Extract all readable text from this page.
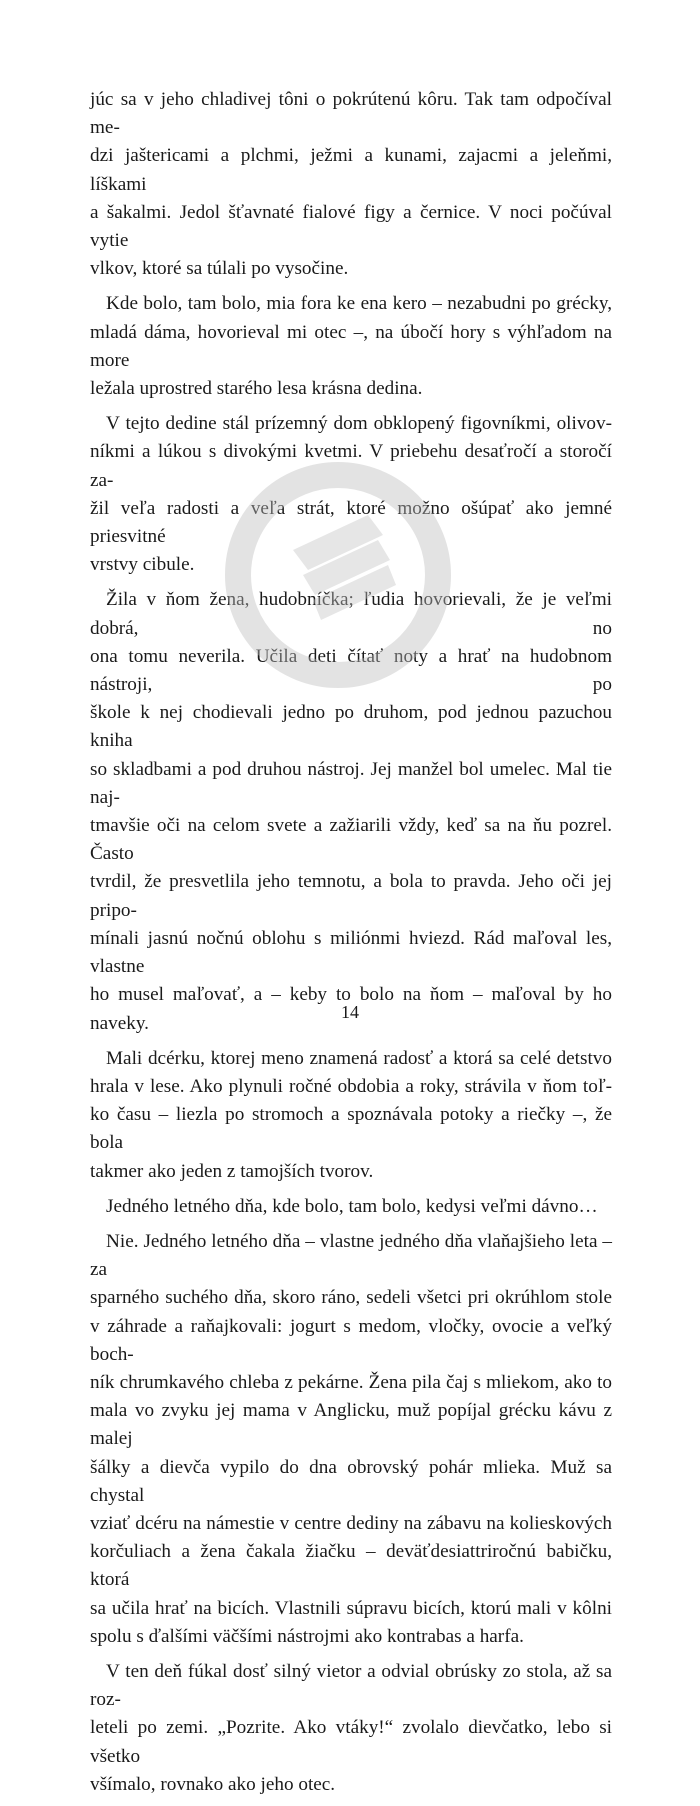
júc sa v jeho chladivej tôni o pokrútenú kôru. Tak tam odpočíval me-
dzi jaštericami a plchmi, ježmi a kunami, zajacmi a jeleňmi, líškami
a šakalmi. Jedol šťavnaté fialové figy a černice. V noci počúval vytie
vlkov, ktoré sa túlali po vysočine.

Kde bolo, tam bolo, mia fora ke ena kero – nezabudni po grécky,
mladá dáma, hovorieval mi otec –, na úbočí hory s výhľadom na more
ležala uprostred starého lesa krásna dedina.

V tejto dedine stál prízemný dom obklopený figovníkmi, olivov-
níkmi a lúkou s divokými kvetmi. V priebehu desaťročí a storočí za-
žil veľa radosti a veľa strát, ktoré možno ošúpať ako jemné priesvitné
vrstvy cibule.

Žila v ňom žena, hudobníčka; ľudia hovorievali, že je veľmi dobrá, no
ona tomu neverila. Učila deti čítať noty a hrať na hudobnom nástroji, po
škole k nej chodievali jedno po druhom, pod jednou pazuchou kniha
so skladbami a pod druhou nástroj. Jej manžel bol umelec. Mal tie naj-
tmavšie oči na celom svete a zažiarili vždy, keď sa na ňu pozrel. Často
tvrdil, že presvetlila jeho temnotu, a bola to pravda. Jeho oči jej pripo-
mínali jasnú nočnú oblohu s miliónmi hviezd. Rád maľoval les, vlastne
ho musel maľovať, a – keby to bolo na ňom – maľoval by ho naveky.

Mali dcérku, ktorej meno znamená radosť a ktorá sa celé detstvo
hrala v lese. Ako plynuli ročné obdobia a roky, strávila v ňom toľ-
ko času – liezla po stromoch a spoznávala potoky a riečky –, že bola
takmer ako jeden z tamojších tvorov.

Jedného letného dňa, kde bolo, tam bolo, kedysi veľmi dávno…

Nie. Jedného letného dňa – vlastne jedného dňa vlaňajšieho leta – za
sparného suchého dňa, skoro ráno, sedeli všetci pri okrúhlom stole
v záhrade a raňajkovali: jogurt s medom, vločky, ovocie a veľký boch-
ník chrumkavého chleba z pekárne. Žena pila čaj s mliekom, ako to
mala vo zvyku jej mama v Anglicku, muž popíjal grécku kávu z malej
šálky a dievča vypilo do dna obrovský pohár mlieka. Muž sa chystal
vziať dcéru na námestie v centre dediny na zábavu na kolieskových
korčuliach a žena čakala žiačku – deväťdesiattriročnú babičku, ktorá
sa učila hrať na bicích. Vlastnili súpravu bicích, ktorú mali v kôlni
spolu s ďalšími väčšími nástrojmi ako kontrabas a harfa.

V ten deň fúkal dosť silný vietor a odvial obrúsky zo stola, až sa roz-
leteli po zemi. „Pozrite. Ako vtáky!“ zvolalo dievčatko, lebo si všetko
všímalo, rovnako ako jeho otec.

14
